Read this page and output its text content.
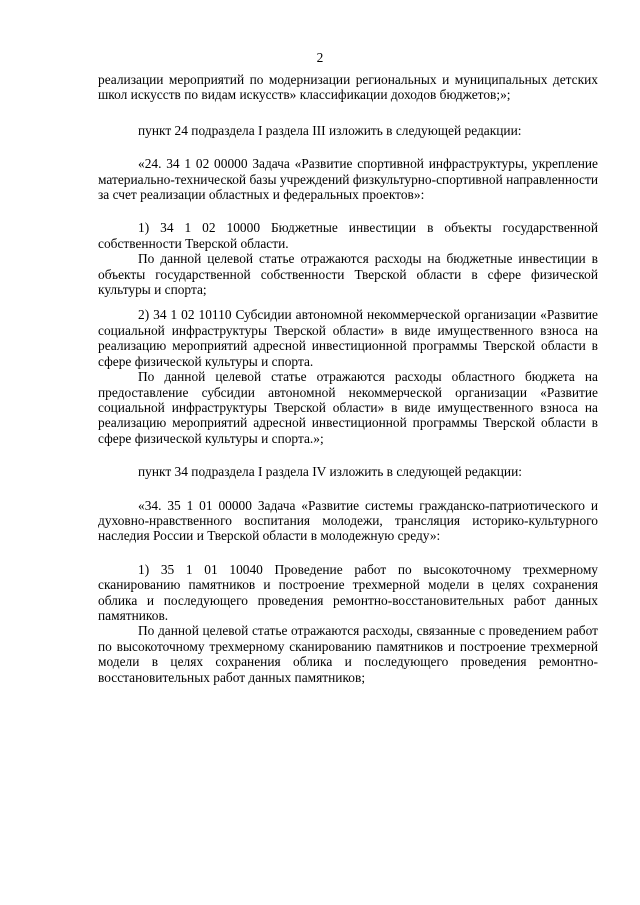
2

реализации мероприятий по модернизации региональных и муниципальных детских школ искусств по видам искусств» классификации доходов бюджетов;»;

пункт 24 подраздела I раздела III изложить в следующей редакции:

«24. 34 1 02 00000 Задача «Развитие спортивной инфраструктуры, укрепление материально-технической базы учреждений физкультурно-спортивной направленности за счет реализации областных и федеральных проектов»:

1) 34 1 02 10000 Бюджетные инвестиции в объекты государственной собственности Тверской области.

По данной целевой статье отражаются расходы на бюджетные инвестиции в объекты государственной собственности Тверской области в сфере физической культуры и спорта;

2) 34 1 02 10110 Субсидии автономной некоммерческой организации «Развитие социальной инфраструктуры Тверской области» в виде имущественного взноса на реализацию мероприятий адресной инвестиционной программы Тверской области в сфере физической культуры и спорта.

По данной целевой статье отражаются расходы областного бюджета на предоставление субсидии автономной некоммерческой организации «Развитие социальной инфраструктуры Тверской области» в виде имущественного взноса на реализацию мероприятий адресной инвестиционной программы Тверской области в сфере физической культуры и спорта.»;

пункт 34 подраздела I раздела IV изложить в следующей редакции:

«34. 35 1 01 00000 Задача «Развитие системы гражданско-патриотического и духовно-нравственного воспитания молодежи, трансляция историко-культурного наследия России и Тверской области в молодежную среду»:

1) 35 1 01 10040 Проведение работ по высокоточному трехмерному сканированию памятников и построение трехмерной модели в целях сохранения облика и последующего проведения ремонтно-восстановительных работ данных памятников.

По данной целевой статье отражаются расходы, связанные с проведением работ по высокоточному трехмерному сканированию памятников и построение трехмерной модели в целях сохранения облика и последующего проведения ремонтно-восстановительных работ данных памятников;
